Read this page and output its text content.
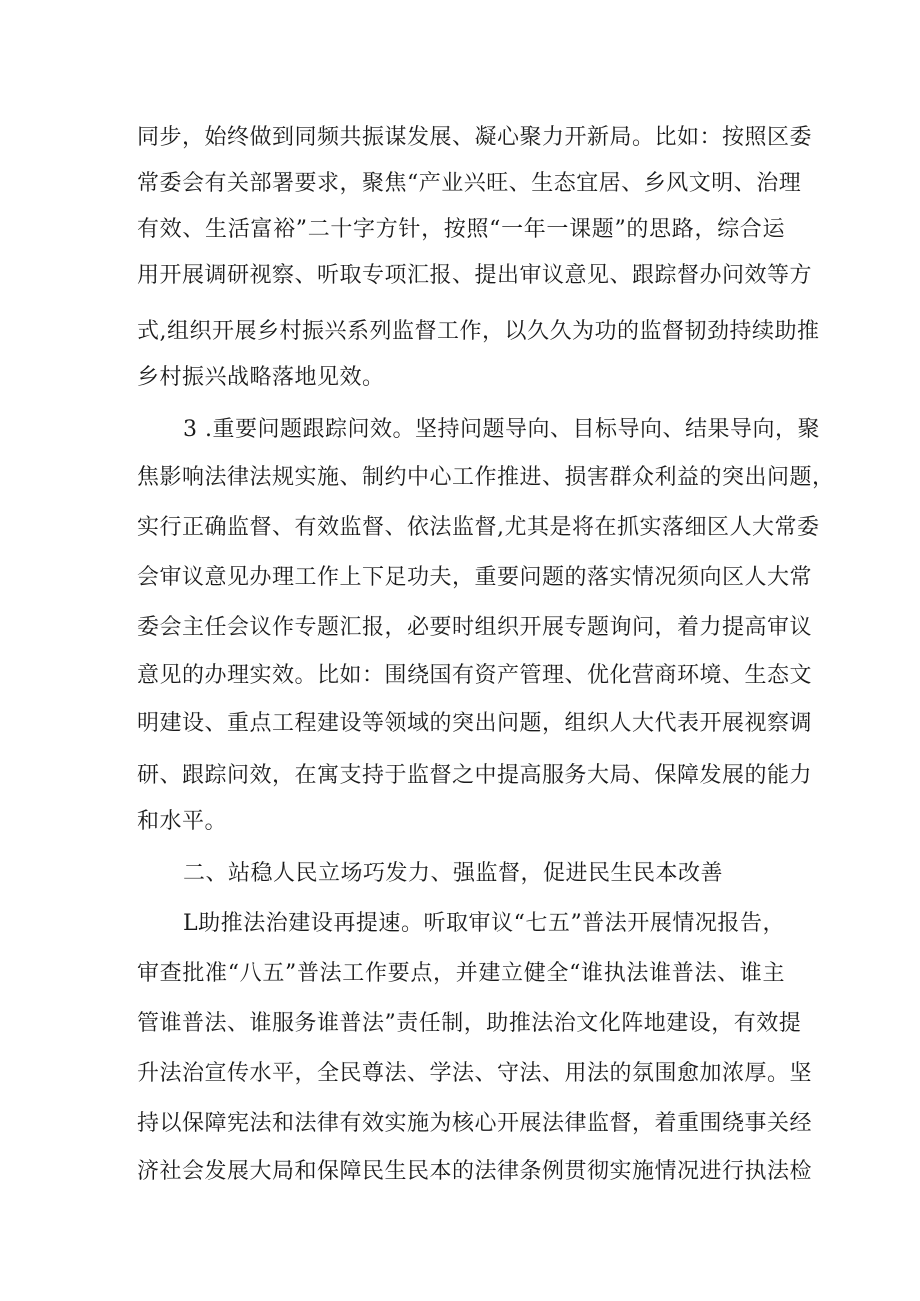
同步，始终做到同频共振谋发展、凝心聚力开新局。比如：按照区委
常委会有关部署要求，聚焦“产业兴旺、生态宜居、乡风文明、治理
有效、生活富裕”二十字方针，按照“一年一课题”的思路，综合运
用开展调研视察、听取专项汇报、提出审议意见、跟踪督办问效等方
式,组织开展乡村振兴系列监督工作，以久久为功的监督韧劲持续助推
乡村振兴战略落地见效。
3 .重要问题跟踪问效。坚持问题导向、目标导向、结果导向，聚
焦影响法律法规实施、制约中心工作推进、损害群众利益的突出问题，
实行正确监督、有效监督、依法监督,尤其是将在抓实落细区人大常委
会审议意见办理工作上下足功夫，重要问题的落实情况须向区人大常
委会主任会议作专题汇报，必要时组织开展专题询问，着力提高审议
意见的办理实效。比如：围绕国有资产管理、优化营商环境、生态文
明建设、重点工程建设等领域的突出问题，组织人大代表开展视察调
研、跟踪问效，在寓支持于监督之中提高服务大局、保障发展的能力
和水平。
二、站稳人民立场巧发力、强监督，促进民生民本改善
L助推法治建设再提速。听取审议“七五”普法开展情况报告，
审查批准“八五”普法工作要点，并建立健全“谁执法谁普法、谁主
管谁普法、谁服务谁普法”责任制，助推法治文化阵地建设，有效提
升法治宣传水平，全民尊法、学法、守法、用法的氛围愈加浓厚。坚
持以保障宪法和法律有效实施为核心开展法律监督，着重围绕事关经
济社会发展大局和保障民生民本的法律条例贯彻实施情况进行执法检
